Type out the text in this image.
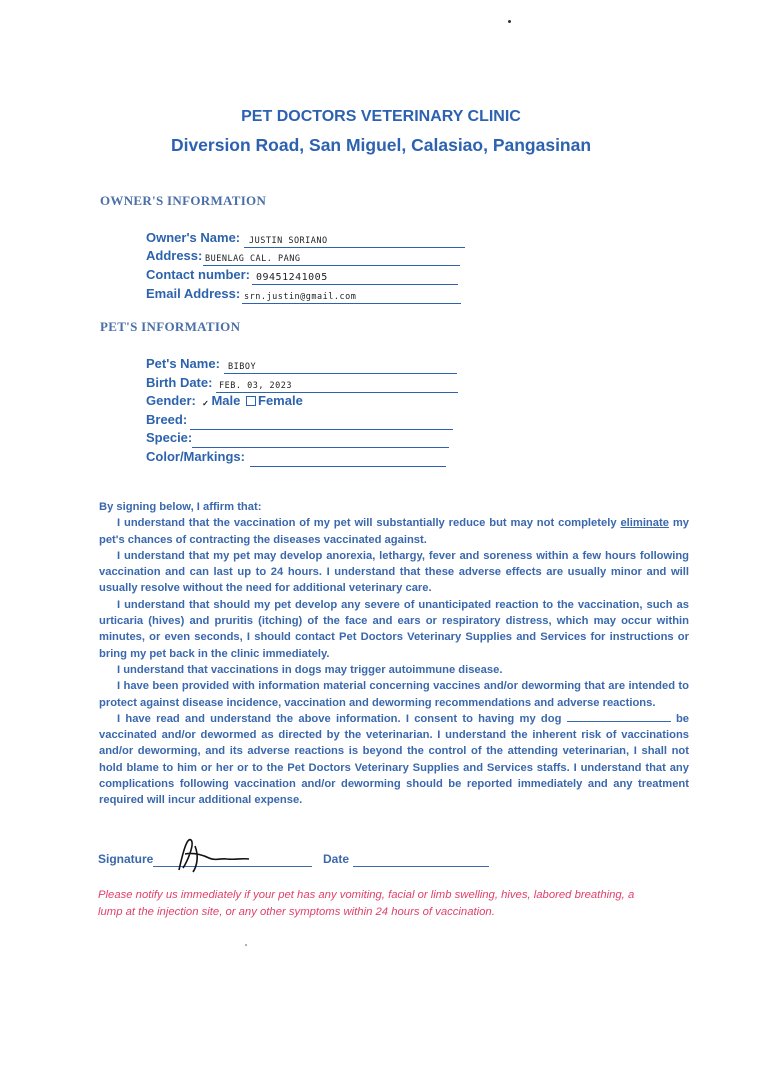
PET DOCTORS VETERINARY CLINIC
Diversion Road, San Miguel, Calasiao, Pangasinan
OWNER'S INFORMATION
Owner's Name: JUSTIN SORIANO
Address: BUENLAG CAL. PANG
Contact number: 09451241005
Email Address: srn.justin@gmail.com
PET'S INFORMATION
Pet's Name: BIBOY
Birth Date: FEB. 03, 2023
Gender: ✓ Male Female
Breed:
Specie:
Color/Markings:

By signing below, I affirm that:

I understand that the vaccination of my pet will substantially reduce but may not completely eliminate my pet's chances of contracting the diseases vaccinated against.

I understand that my pet may develop anorexia, lethargy, fever and soreness within a few hours following vaccination and can last up to 24 hours. I understand that these adverse effects are usually minor and will usually resolve without the need for additional veterinary care.

I understand that should my pet develop any severe of unanticipated reaction to the vaccination, such as urticaria (hives) and pruritis (itching) of the face and ears or respiratory distress, which may occur within minutes, or even seconds, I should contact Pet Doctors Veterinary Supplies and Services for instructions or bring my pet back in the clinic immediately.

I understand that vaccinations in dogs may trigger autoimmune disease.

I have been provided with information material concerning vaccines and/or deworming that are intended to protect against disease incidence, vaccination and deworming recommendations and adverse reactions.

I have read and understand the above information. I consent to having my dog	be vaccinated and/or dewormed as directed by the veterinarian. I understand the inherent risk of vaccinations and/or deworming, and its adverse reactions is beyond the control of the attending veterinarian, I shall not hold blame to him or her or to the Pet Doctors Veterinary Supplies and Services staffs. I understand that any complications following vaccination and/or deworming should be reported immediately and any treatment required will incur additional expense.

Signature	Date
Please notify us immediately if your pet has any vomiting, facial or limb swelling, hives, labored breathing, a lump at the injection site, or any other symptoms within 24 hours of vaccination.
